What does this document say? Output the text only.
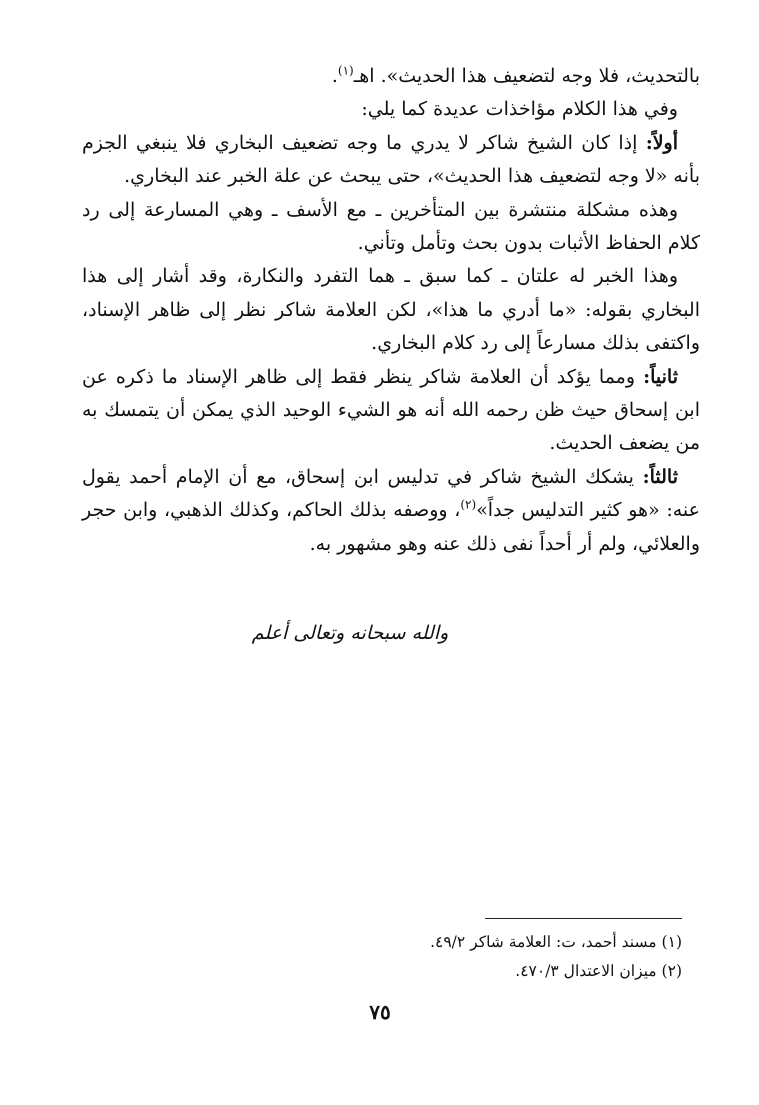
بالتحديث، فلا وجه لتضعيف هذا الحديث». اهـ$^{(١)}$.

وفي هذا الكلام مؤاخذات عديدة كما يلي:

أولاً: إذا كان الشيخ شاكر لا يدري ما وجه تضعيف البخاري فلا ينبغي الجزم بأنه «لا وجه لتضعيف هذا الحديث»، حتى يبحث عن علة الخبر عند البخاري.

وهذه مشكلة منتشرة بين المتأخرين ـ مع الأسف ـ وهي المسارعة إلى رد كلام الحفاظ الأثبات بدون بحث وتأمل وتأني.

وهذا الخبر له علتان ـ كما سبق ـ هما التفرد والنكارة، وقد أشار إلى هذا البخاري بقوله: «ما أدري ما هذا»، لكن العلامة شاكر نظر إلى ظاهر الإسناد، واكتفى بذلك مسارعاً إلى رد كلام البخاري.

ثانياً: ومما يؤكد أن العلامة شاكر ينظر فقط إلى ظاهر الإسناد ما ذكره عن ابن إسحاق حيث ظن رحمه الله أنه هو الشيء الوحيد الذي يمكن أن يتمسك به من يضعف الحديث.

ثالثاً: يشكك الشيخ شاكر في تدليس ابن إسحاق، مع أن الإمام أحمد يقول عنه: «هو كثير التدليس جداً»$^{(٢)}$، ووصفه بذلك الحاكم، وكذلك الذهبي، وابن حجر والعلائي، ولم أر أحداً نفى ذلك عنه وهو مشهور به.

والله سبحانه وتعالى أعلم

(١) مسند أحمد، ت: العلامة شاكر ٤٩/٢.

(٢) ميزان الاعتدال ٤٧٠/٣.

٧٥
